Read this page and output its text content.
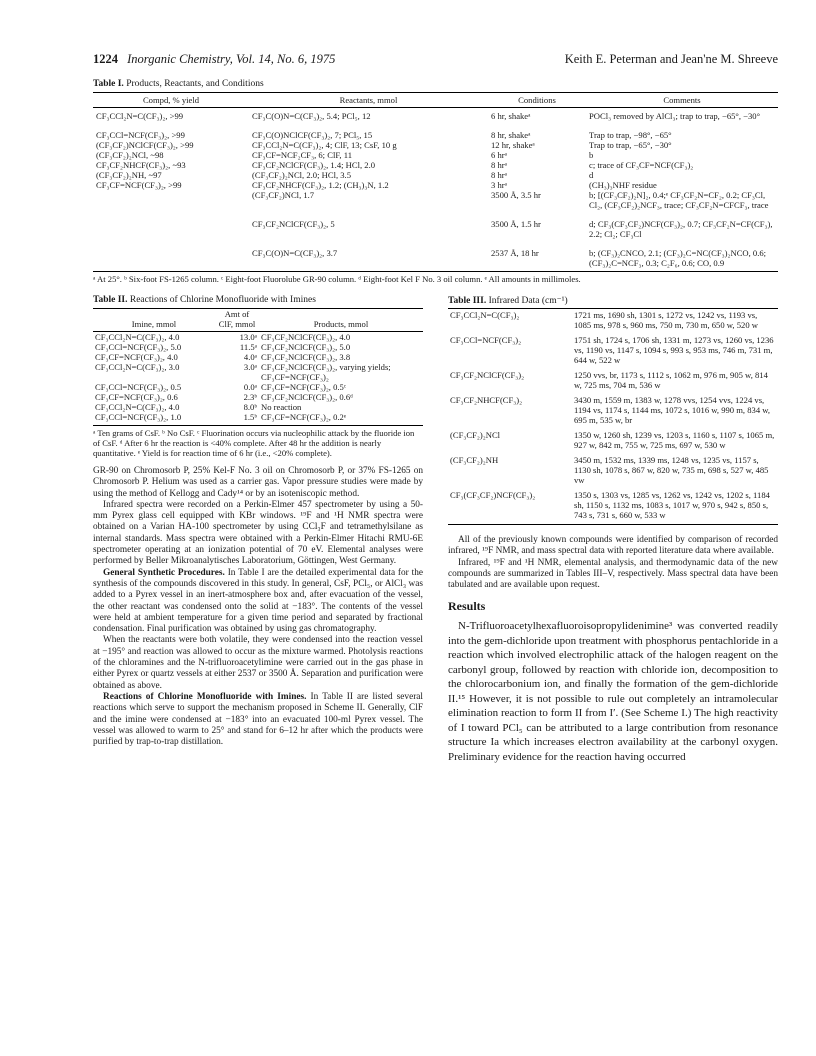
1224 Inorganic Chemistry, Vol. 14, No. 6, 1975	Keith E. Peterman and Jean'ne M. Shreeve
Table I. Products, Reactants, and Conditions
Compd, % yield	Reactants, mmol	Conditions	Comments
CF₃CCl₂N=C(CF₃)₂, >99	CF₃C(O)N=C(CF₃)₂, 5.4; PCl₅, 12	6 hr, shakeᵃ	POCl₃ removed by AlCl₃; trap to trap, −65°, −30°

CF₃CCl=NCF(CF₃)₂, >99	CF₃C(O)NClCF(CF₃)₂, 7; PCl₅, 15	8 hr, shakeᵃ	Trap to trap, −98°, −65°
(CF₃CF₂)NClCF(CF₃)₂, >99	CF₃CCl₂N=C(CF₃)₂, 4; ClF, 13; CsF, 10 g	12 hr, shakeᵃ	Trap to trap, −65°, −30°
(CF₃CF₂)₂NCl, ~98	CF₃CF=NCF₂CF₃, 6; ClF, 11	6 hrᵃ	b
CF₃CF₂NHCF(CF₃)₂, ~93	CF₃CF₂NClCF(CF₃)₂, 1.4; HCl, 2.0	8 hrᵃ	c; trace of CF₃CF=NCF(CF₃)₂
(CF₃CF₂)₂NH, ~97	(CF₃CF₂)₂NCl, 2.0; HCl, 3.5	8 hrᵃ	d
CF₃CF=NCF(CF₃)₂, >99	CF₃CF₂NHCF(CF₃)₂, 1.2; (CH₃)₃N, 1.2	3 hrᵃ	(CH₃)₃NHF residue
	(CF₃CF₂)NCl, 1.7	3500 Å, 3.5 hr	b; [(CF₃CF₂)₂N]₂, 0.4;ᵉ CF₃CF₂N=CF₂, 0.2; CF₃Cl, Cl₂, (CF₃CF₂)₂NCF₃, trace; CF₃CF₂N=CFCF₃, trace

	CF₃CF₂NClCF(CF₃)₂, 5	3500 Å, 1.5 hr	d; CF₃(CF₃CF₂)NCF(CF₃)₂, 0.7; CF₃CF₂N=CF(CF₃), 2.2; Cl₂; CF₃Cl

	CF₃C(O)N=C(CF₃)₂, 3.7	2537 Å, 18 hr	b; (CF₃)₂CNCO, 2.1; (CF₃)₂C=NC(CF₃)₂NCO, 0.6; (CF₃)₂C=NCF₃, 0.3; C₂F₆, 0.6; CO, 0.9
ᵃ At 25°. ᵇ Six-foot FS-1265 column. ᶜ Eight-foot Fluorolube GR-90 column. ᵈ Eight-foot Kel F No. 3 oil column. ᵉ All amounts in millimoles.
Table II. Reactions of Chlorine Monofluoride with Imines
Imine, mmol	Amt of ClF, mmol	Products, mmol

CF₃CCl₂N=C(CF₃)₂, 4.0	13.0ᵃ	CF₃CF₂NClCF(CF₃)₂, 4.0
CF₃CCl=NCF(CF₃)₂, 5.0	11.5ᵃ	CF₃CF₂NClCF(CF₃)₂, 5.0
CF₃CF=NCF(CF₃)₂, 4.0	4.0ᵃ	CF₃CF₂NClCF(CF₃)₂, 3.8
CF₃CCl₂N=C(CF₃)₂, 3.0	3.0ᵃ	CF₃CF₂NClCF(CF₃)₂, varying yields; CF₃CF=NCF(CF₃)₂
CF₃CCl=NCF(CF₃)₂, 0.5	0.0ᵃ	CF₃CF=NCF(CF₃)₂, 0.5ᶜ
CF₃CF=NCF(CF₃)₂, 0.6	2.3ᵇ	CF₃CF₂NClCF(CF₃)₂, 0.6ᵈ
CF₃CCl₂N=C(CF₃)₂, 4.0	8.0ᵇ	No reaction
CF₃CCl=NCF(CF₃)₂, 1.0	1.5ᵇ	CF₃CF=NCF(CF₃)₂, 0.2ᵉ
ᵃ Ten grams of CsF. ᵇ No CsF. ᶜ Fluorination occurs via nucleophilic attack by the fluoride ion of CsF. ᵈ After 6 hr the reaction is <40% complete. After 48 hr the addition is nearly quantitative. ᵉ Yield is for reaction time of 6 hr (i.e., <20% complete).

GR-90 on Chromosorb P, 25% Kel-F No. 3 oil on Chromosorb P, or 37% FS-1265 on Chromosorb P. Helium was used as a carrier gas. Vapor pressure studies were made by using the method of Kellogg and Cady¹⁴ or by an isoteniscopic method.

Infrared spectra were recorded on a Perkin-Elmer 457 spectrometer by using a 50-mm Pyrex glass cell equipped with KBr windows. ¹⁹F and ¹H NMR spectra were obtained on a Varian HA-100 spectrometer by using CCl₃F and tetramethylsilane as internal standards. Mass spectra were obtained with a Perkin-Elmer Hitachi RMU-6E spectrometer operating at an ionization potential of 70 eV. Elemental analyses were performed by Beller Mikroanalytisches Laboratorium, Göttingen, West Germany.

General Synthetic Procedures. In Table I are the detailed experimental data for the synthesis of the compounds discovered in this study. In general, CsF, PCl₅, or AlCl₃ was added to a Pyrex vessel in an inert-atmosphere box and, after evacuation of the vessel, the other reactant was condensed onto the solid at −183°. The contents of the vessel were held at ambient temperature for a given time period and separated by fractional condensation. Final purification was obtained by using gas chromatography.

When the reactants were both volatile, they were condensed into the reaction vessel at −195° and reaction was allowed to occur as the mixture warmed. Photolysis reactions of the chloramines and the N-trifluoroacetylimine were carried out in the gas phase in either Pyrex or quartz vessels at either 2537 or 3500 Å. Separation and purification were obtained as above.

Reactions of Chlorine Monofluoride with Imines. In Table II are listed several reactions which serve to support the mechanism proposed in Scheme II. Generally, ClF and the imine were condensed at −183° into an evacuated 100-ml Pyrex vessel. The vessel was allowed to warm to 25° and stand for 6–12 hr after which the products were purified by trap-to-trap distillation.

Table III. Infrared Data (cm⁻¹)
CF₃CCl₂N=C(CF₃)₂	1721 ms, 1690 sh, 1301 s, 1272 vs, 1242 vs, 1193 vs, 1085 ms, 978 s, 960 ms, 750 m, 730 m, 650 w, 520 w
CF₃CCl=NCF(CF₃)₂	1751 sh, 1724 s, 1706 sh, 1331 m, 1273 vs, 1260 vs, 1236 vs, 1190 vs, 1147 s, 1094 s, 993 s, 953 ms, 746 m, 731 m, 644 w, 522 w
CF₃CF₂NClCF(CF₃)₂	1250 vvs, br, 1173 s, 1112 s, 1062 m, 976 m, 905 w, 814 w, 725 ms, 704 m, 536 w
CF₃CF₂NHCF(CF₃)₂	3430 m, 1559 m, 1383 w, 1278 vvs, 1254 vvs, 1224 vs, 1194 vs, 1174 s, 1144 ms, 1072 s, 1016 w, 990 m, 834 w, 695 m, 535 w, br
(CF₃CF₂)₂NCl	1350 w, 1260 sh, 1239 vs, 1203 s, 1160 s, 1107 s, 1065 m, 927 w, 842 m, 755 w, 725 ms, 697 w, 530 w
(CF₃CF₂)₂NH	3450 m, 1532 ms, 1339 ms, 1248 vs, 1235 vs, 1157 s, 1130 sh, 1078 s, 867 w, 820 w, 735 m, 698 s, 527 w, 485 vw
CF₃(CF₃CF₂)NCF(CF₃)₂	1350 s, 1303 vs, 1285 vs, 1262 vs, 1242 vs, 1202 s, 1184 sh, 1150 s, 1132 ms, 1083 s, 1017 w, 970 s, 942 s, 850 s, 743 s, 731 s, 660 w, 533 w

All of the previously known compounds were identified by comparison of recorded infrared, ¹⁹F NMR, and mass spectral data with reported literature data where available.

Infrared, ¹⁹F and ¹H NMR, elemental analysis, and thermodynamic data of the new compounds are summarized in Tables III–V, respectively. Mass spectral data have been tabulated and are available upon request.

Results

N-Trifluoroacetylhexafluoroisopropylidenimine³ was converted readily into the gem-dichloride upon treatment with phosphorus pentachloride in a reaction which involved electrophilic attack of the halogen reagent on the carbonyl group, followed by reaction with chloride ion, decomposition to the chlorocarbonium ion, and finally the formation of the gem-dichloride II.¹⁵ However, it is not possible to rule out completely an intramolecular elimination reaction to form II from I′. (See Scheme I.) The high reactivity of I toward PCl₅ can be attributed to a large contribution from resonance structure Ia which increases electron availability at the carbonyl oxygen. Preliminary evidence for the reaction having occurred
